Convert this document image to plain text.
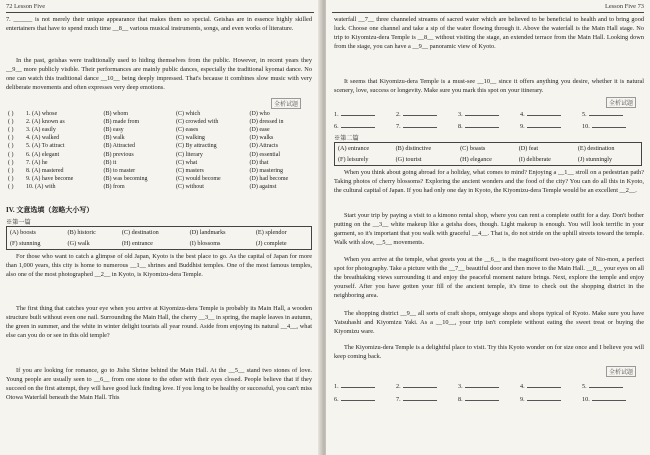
72 Lesson Five
7. ______ is not merely their unique appearance that makes them so special. Geishas are in essence highly skilled entertainers that have to spend much time __8__ various musical instruments, songs, and even works of literature.
In the past, geishas were traditionally used to hiding themselves from the public. However, in recent years they __9__ more publicly visible. Their performances are mainly public dances, especially the traditional kyomai dance. No one can watch this traditional dance __10__ being deeply impressed. That's because it combines slow music with very deliberate movements and often expresses very deep emotions.
全析试题
( )	1. (A) whose	(B) whom	(C) which	(D) who
( )	2. (A) known as	(B) made from	(C) crowded with	(D) dressed in
( )	3. (A) easily	(B) easy	(C) eases	(D) ease
( )	4. (A) walked	(B) walk	(C) walking	(D) walks
( )	5. (A) To attract	(B) Attracted	(C) By attracting	(D) Attracts
( )	6. (A) elegant	(B) previous	(C) literary	(D) essential
( )	7. (A) he	(B) it	(C) what	(D) that
( )	8. (A) mastered	(B) to master	(C) masters	(D) mastering
( )	9. (A) have become	(B) was becoming	(C) would become	(D) had become
( )	10. (A) with	(B) from	(C) without	(D) against
IV. 文意选填（忽略大小写）
※第一篇
(A) boosts	(B) historic	(C) destination	(D) landmarks	(E) splendor
(F) stunning	(G) walk	(H) entrance	(I) blossoms	(J) complete
For those who want to catch a glimpse of old Japan, Kyoto is the best place to go. As the capital of Japan for more than 1,000 years, this city is home to numerous __1__ shrines and Buddhist temples. One of the most famous temples, also one of the most photographed __2__ in Kyoto, is Kiyomizu-dera Temple.
The first thing that catches your eye when you arrive at Kiyomizu-dera Temple is probably its Main Hall, a wooden structure built without even one nail. Surrounding the Main Hall, the cherry __3__ in spring, the maple leaves in autumn, the green in summer, and the white in winter delight tourists all year round. Aside from enjoying its natural __4__, what else can you do or see in this old temple?
If you are looking for romance, go to Jishu Shrine behind the Main Hall. At the __5__ stand two stones of love. Young people are usually seen to __6__ from one stone to the other with their eyes closed. People believe that if they succeed on the first attempt, they will have good luck finding love. If you long to be healthy or successful, you can't miss Otowa Waterfall beneath the Main Hall. This
Lesson Five 73
waterfall __7__ three channeled streams of sacred water which are believed to be beneficial to health and to bring good luck. Choose one channel and take a sip of the water flowing through it. Above the waterfall is the Main Hall stage. No trip to Kiyomizu-dera Temple is __8__ without visiting the stage, an extended terrace from the Main Hall. Looking down from the stage, you can have a __9__ panoramic view of Kyoto.
It seems that Kiyomizu-dera Temple is a must-see __10__ since it offers anything you desire, whether it is natural scenery, love, success or longevity. Make sure you mark this spot on your itinerary.
全析试题
1.	2.	3.	4.	5.
6.	7.	8.	9.	10.
※第二篇
(A) entrance	(B) distinctive	(C) boasts	(D) feat	(E) destination
(F) leisurely	(G) tourist	(H) elegance	(I) deliberate	(J) stunningly
When you think about going abroad for a holiday, what comes to mind? Enjoying a __1__ stroll on a pedestrian path? Taking photos of cherry blossoms? Exploring the ancient wonders and the food of the city? You can do all this in Kyoto, the cultural capital of Japan. If you had only one day in Kyoto, the Kiyomizu-dera Temple would be an excellent __2__.
Start your trip by paying a visit to a kimono rental shop, where you can rent a complete outfit for a day. Don't bother putting on the __3__ white makeup like a geisha does, though. Light makeup is enough. You will look terrific in your garment, so it's important that you walk with graceful __4__. That is, do not stride on the uphill streets toward the temple. Walk with slow, __5__ movements.
When you arrive at the temple, what greets you at the __6__ is the magnificent two-story gate of Nio-mon, a perfect spot for photography. Take a picture with the __7__ beautiful door and then move to the Main Hall. __8__ your eyes on all the breathtaking views surrounding it and enjoy the peaceful moment nature brings. Next, explore the temple and enjoy yourself. After you have gotten your fill of the ancient temple, it's time to check out the shopping district in the neighboring area.
The shopping district __9__ all sorts of craft shops, omiyage shops and shops typical of Kyoto. Make sure you have Yatsuhashi and Kiyomizu Yaki. As a __10__, your trip isn't complete without eating the sweet treat or buying the Kiyomizu ware.
The Kiyomizu-dera Temple is a delightful place to visit. Try this Kyoto wonder on for size once and I believe you will keep coming back.
全析试题
1.	2.	3.	4.	5.
6.	7.	8.	9.	10.
